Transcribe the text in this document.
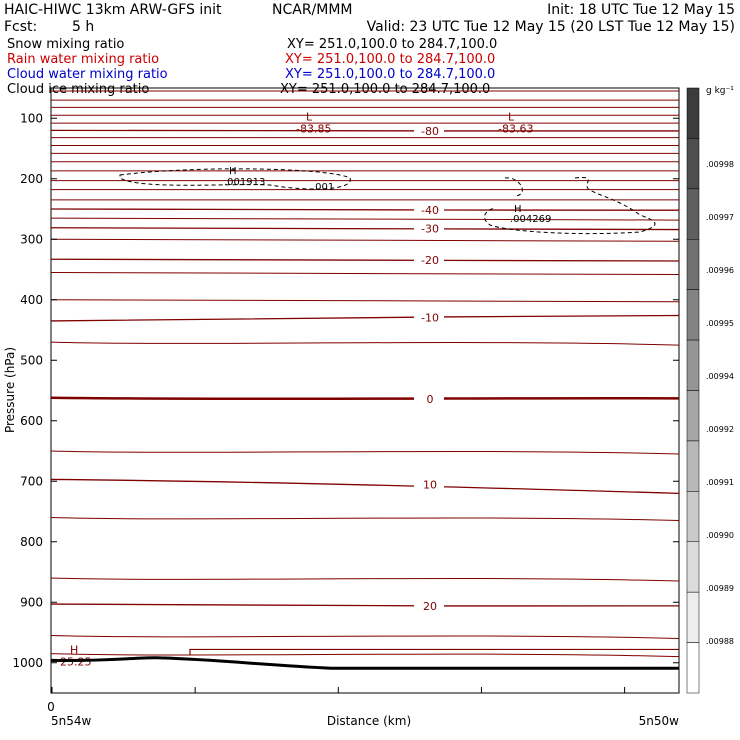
HAIC-HIWC 13km ARW-GFS init	NCAR/MMM	Init: 18 UTC Tue 12 May 15
Fcst: 5 h	Valid: 23 UTC Tue 12 May 15 (20 LST Tue 12 May 15)
Snow mixing ratio	XY= 251.0,100.0 to 284.7,100.0
Rain water mixing ratio	XY= 251.0,100.0 to 284.7,100.0
Cloud water mixing ratio	XY= 251.0,100.0 to 284.7,100.0
Cloud ice mixing ratio	XY= 251.0,100.0 to 284.7,100.0
Pressure (hPa)
Distance (km)
0
5n54w	5n50w
100
200
300
400
500
600
700
800
900
1000
-80
-40
-30
-20
-10
0
10
20
.001913
H
.001
.004269
H
L
-83.85
L
-83.63
H
25.25
.00998
.00997
.00996
.00995
.00994
.00992
.00991
.00990
.00989
.00988
g kg⁻¹
